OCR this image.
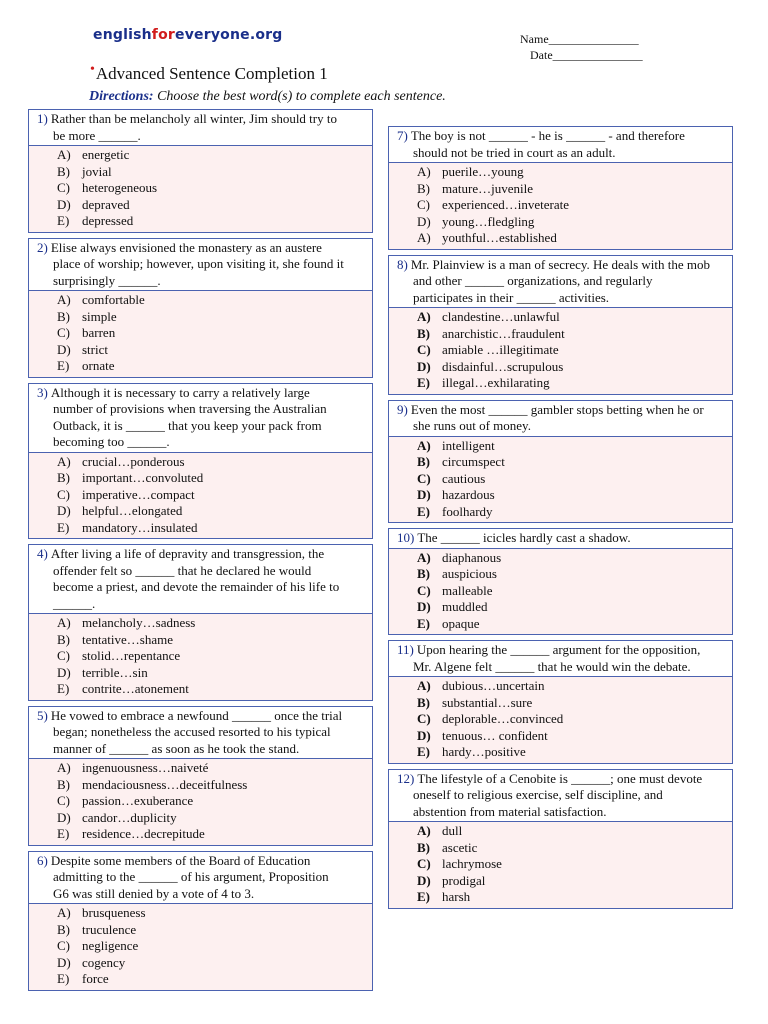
englishforeveryone.org	Name_______________
Date_______________
•Advanced Sentence Completion 1
Directions: Choose the best word(s) to complete each sentence.
1) Rather than be melancholy all winter, Jim should try to
be more ______.
A) energetic
B) jovial
C) heterogeneous
D) depraved
E) depressed
2) Elise always envisioned the monastery as an austere
place of worship; however, upon visiting it, she found it
surprisingly ______.
A) comfortable
B) simple
C) barren
D) strict
E) ornate
3) Although it is necessary to carry a relatively large
number of provisions when traversing the Australian
Outback, it is ______ that you keep your pack from
becoming too ______.
A) crucial…ponderous
B) important…convoluted
C) imperative…compact
D) helpful…elongated
E) mandatory…insulated
4) After living a life of depravity and transgression, the
offender felt so ______ that he declared he would
become a priest, and devote the remainder of his life to
______.
A) melancholy…sadness
B) tentative…shame
C) stolid…repentance
D) terrible…sin
E) contrite…atonement
5) He vowed to embrace a newfound ______ once the trial
began; nonetheless the accused resorted to his typical
manner of ______ as soon as he took the stand.
A) ingenuousness…naiveté
B) mendaciousness…deceitfulness
C) passion…exuberance
D) candor…duplicity
E) residence…decrepitude
6) Despite some members of the Board of Education
admitting to the ______ of his argument, Proposition
G6 was still denied by a vote of 4 to 3.
A) brusqueness
B) truculence
C) negligence
D) cogency
E) force
7) The boy is not ______ - he is ______ - and therefore
should not be tried in court as an adult.
A) puerile…young
B) mature…juvenile
C) experienced…inveterate
D) young…fledgling
A) youthful…established
8) Mr. Plainview is a man of secrecy. He deals with the mob
and other ______ organizations, and regularly
participates in their ______ activities.
A) clandestine…unlawful
B) anarchistic…fraudulent
C) amiable …illegitimate
D) disdainful…scrupulous
E) illegal…exhilarating
9) Even the most ______ gambler stops betting when he or
she runs out of money.
A) intelligent
B) circumspect
C) cautious
D) hazardous
E) foolhardy
10) The ______ icicles hardly cast a shadow.
A) diaphanous
B) auspicious
C) malleable
D) muddled
E) opaque
11) Upon hearing the ______ argument for the opposition,
Mr. Algene felt ______ that he would win the debate.
A) dubious…uncertain
B) substantial…sure
C) deplorable…convinced
D) tenuous… confident
E) hardy…positive
12) The lifestyle of a Cenobite is ______; one must devote
oneself to religious exercise, self discipline, and
abstention from material satisfaction.
A) dull
B) ascetic
C) lachrymose
D) prodigal
E) harsh
